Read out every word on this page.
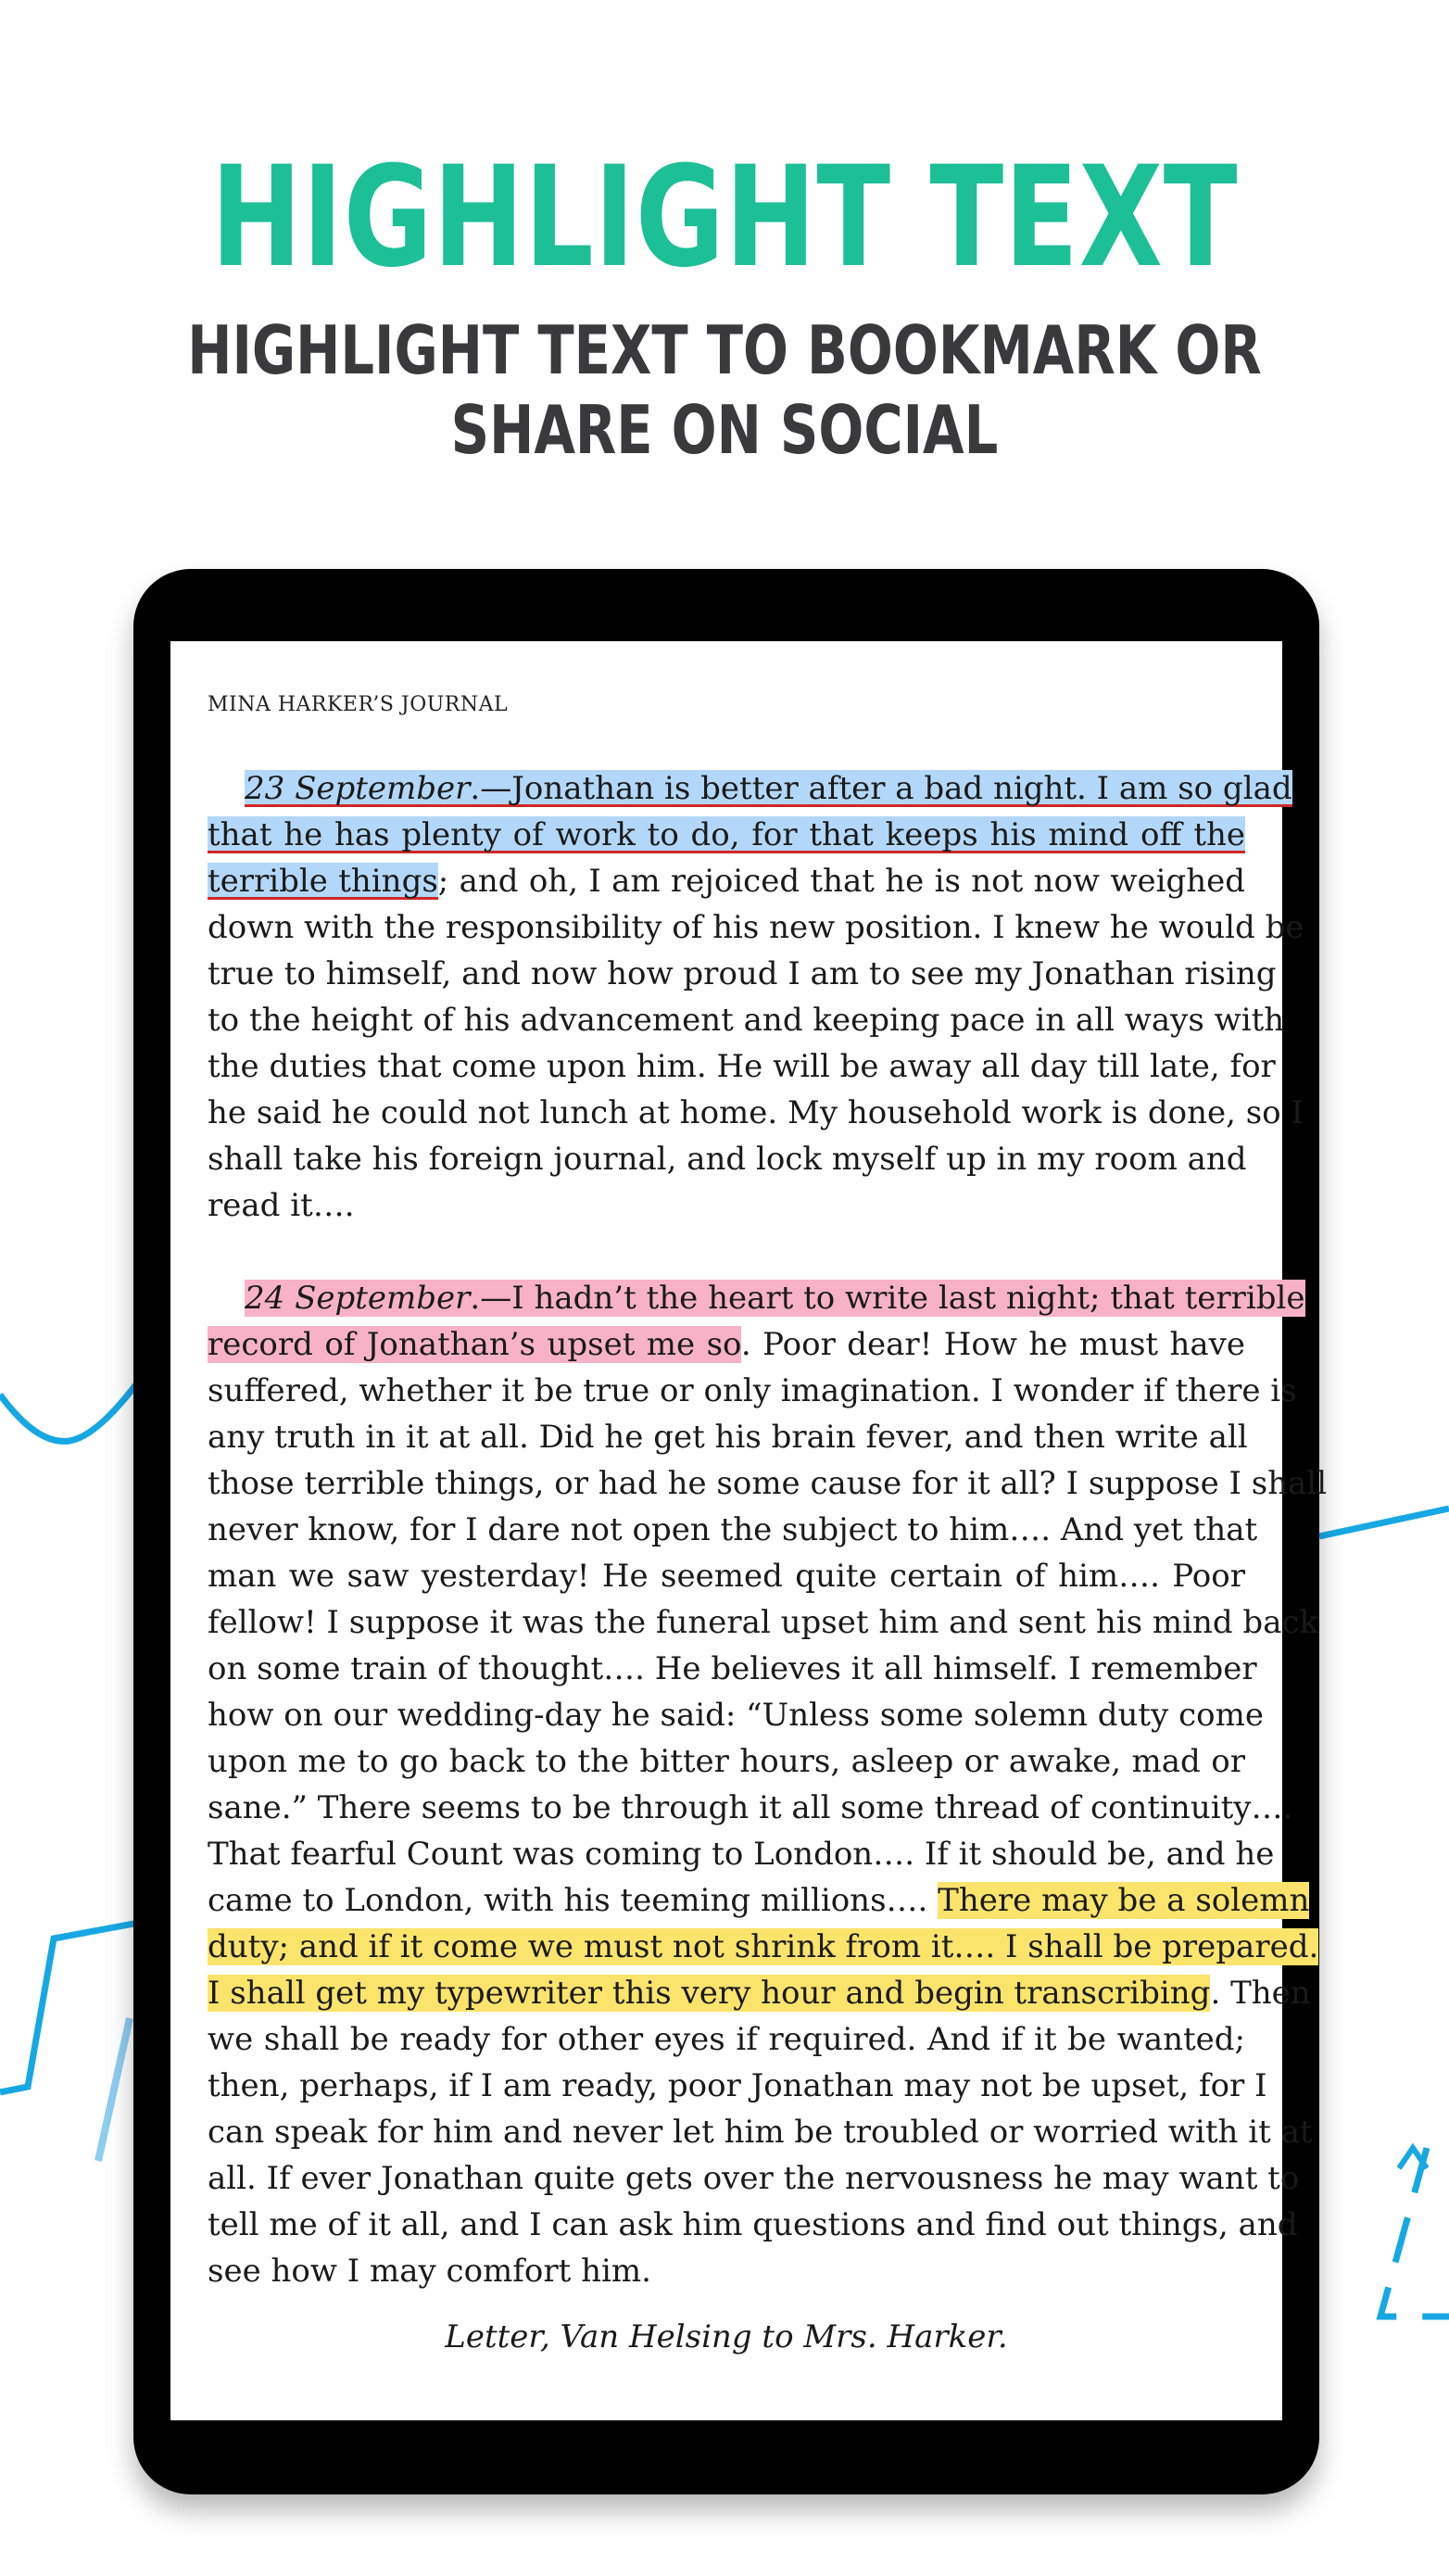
HIGHLIGHT TEXT
HIGHLIGHT TEXT TO BOOKMARK OR
SHARE ON SOCIAL
MINA HARKER’S JOURNAL
23 September.—Jonathan is better after a bad night. I am so glad
that he has plenty of work to do, for that keeps his mind off the
terrible things; and oh, I am rejoiced that he is not now weighed
down with the responsibility of his new position. I knew he would be
true to himself, and now how proud I am to see my Jonathan rising
to the height of his advancement and keeping pace in all ways with
the duties that come upon him. He will be away all day till late, for
he said he could not lunch at home. My household work is done, so I
shall take his foreign journal, and lock myself up in my room and
read it….
24 September.—I hadn’t the heart to write last night; that terrible
record of Jonathan’s upset me so. Poor dear! How he must have
suffered, whether it be true or only imagination. I wonder if there is
any truth in it at all. Did he get his brain fever, and then write all
those terrible things, or had he some cause for it all? I suppose I shall
never know, for I dare not open the subject to him…. And yet that
man we saw yesterday! He seemed quite certain of him…. Poor
fellow! I suppose it was the funeral upset him and sent his mind back
on some train of thought…. He believes it all himself. I remember
how on our wedding-day he said: “Unless some solemn duty come
upon me to go back to the bitter hours, asleep or awake, mad or
sane.” There seems to be through it all some thread of continuity….
That fearful Count was coming to London…. If it should be, and he
came to London, with his teeming millions…. There may be a solemn
duty; and if it come we must not shrink from it…. I shall be prepared.
I shall get my typewriter this very hour and begin transcribing. Then
we shall be ready for other eyes if required. And if it be wanted;
then, perhaps, if I am ready, poor Jonathan may not be upset, for I
can speak for him and never let him be troubled or worried with it at
all. If ever Jonathan quite gets over the nervousness he may want to
tell me of it all, and I can ask him questions and find out things, and
see how I may comfort him.
Letter, Van Helsing to Mrs. Harker.
